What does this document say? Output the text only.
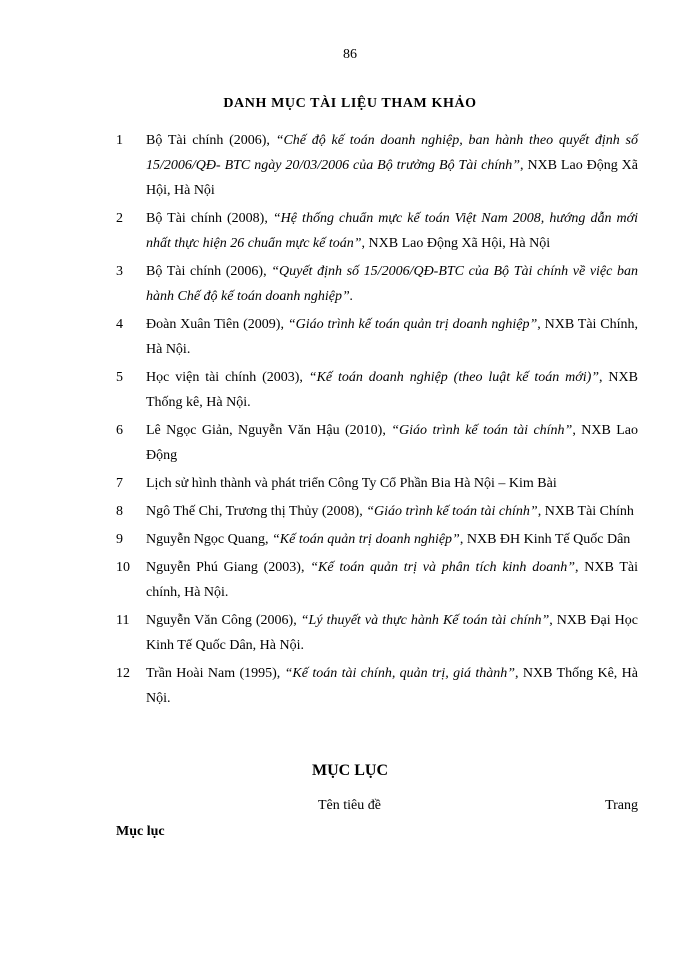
86
DANH MỤC TÀI LIỆU THAM KHẢO
1 Bộ Tài chính (2006), “Chế độ kế toán doanh nghiệp, ban hành theo quyết định số 15/2006/QĐ- BTC ngày 20/03/2006 của Bộ trưởng Bộ Tài chính”, NXB Lao Động Xã Hội, Hà Nội
2 Bộ Tài chính (2008), “Hệ thống chuẩn mực kế toán Việt Nam 2008, hướng dẫn mới nhất thực hiện 26 chuẩn mực kế toán”, NXB Lao Động Xã Hội, Hà Nội
3 Bộ Tài chính (2006), “Quyết định số 15/2006/QĐ-BTC của Bộ Tài chính về việc ban hành Chế độ kế toán doanh nghiệp”.
4 Đoàn Xuân Tiên (2009), “Giáo trình kế toán quản trị doanh nghiệp”, NXB Tài Chính, Hà Nội.
5 Học viện tài chính (2003), “Kế toán doanh nghiệp (theo luật kế toán mới)”, NXB Thống kê, Hà Nội.
6 Lê Ngọc Giản, Nguyễn Văn Hậu (2010), “Giáo trình kế toán tài chính”, NXB Lao Động
7 Lịch sử hình thành và phát triển Công Ty Cổ Phần Bia Hà Nội – Kim Bài
8 Ngô Thế Chi, Trương thị Thủy (2008), “Giáo trình kế toán tài chính”, NXB Tài Chính
9 Nguyễn Ngọc Quang, “Kế toán quản trị doanh nghiệp”, NXB ĐH Kinh Tế Quốc Dân
10 Nguyễn Phú Giang (2003), “Kế toán quản trị và phân tích kinh doanh”, NXB Tài chính, Hà Nội.
11 Nguyễn Văn Công (2006), “Lý thuyết và thực hành Kế toán tài chính”, NXB Đại Học Kinh Tế Quốc Dân, Hà Nội.
12 Trần Hoài Nam (1995), “Kế toán tài chính, quản trị, giá thành”, NXB Thống Kê, Hà Nội.
MỤC LỤC
Tên tiêu đề	Trang
Mục lục
